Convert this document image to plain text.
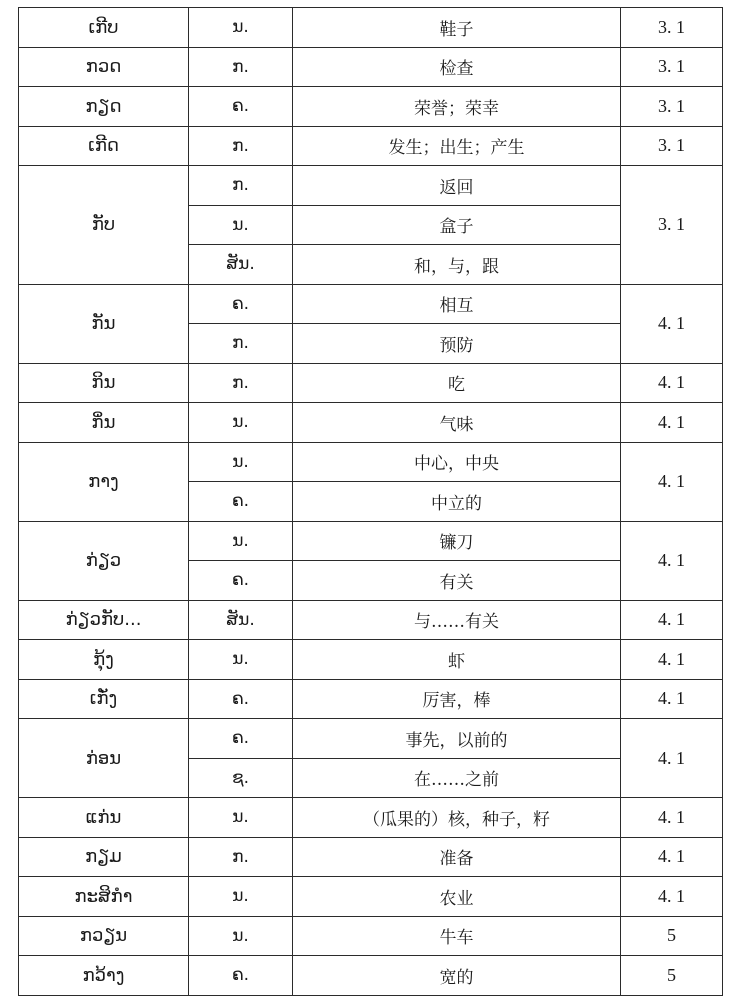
ເກີບ	ນ.	鞋子	3. 1
ກວດ	ກ.	检查	3. 1
ກຽດ	ຄ.	荣誉；荣幸	3. 1
ເກີດ	ກ.	发生；出生；产生	3. 1
ກັບ	ກ.	返回	3. 1
	ນ.	盒子	
	ສັນ.	和，与，跟	
ກັນ	ຄ.	相互	4. 1
	ກ.	预防	
ກິນ	ກ.	吃	4. 1
ກິ່ນ	ນ.	气味	4. 1
ກາງ	ນ.	中心，中央	4. 1
	ຄ.	中立的	
ກ່ຽວ	ນ.	镰刀	4. 1
	ຄ.	有关	
ກ່ຽວກັບ...	ສັນ.	与……有关	4. 1
ກຸ້ງ	ນ.	虾	4. 1
ເກັ່ງ	ຄ.	厉害，棒	4. 1
ກ່ອນ	ຄ.	事先，以前的	4. 1
	ຊ.	在……之前	
ແກ່ນ	ນ.	（瓜果的）核，种子，籽	4. 1
ກຽມ	ກ.	准备	4. 1
ກະສິກຳ	ນ.	农业	4. 1
ກວຽນ	ນ.	牛车	5
ກວ້າງ	ຄ.	宽的	5
